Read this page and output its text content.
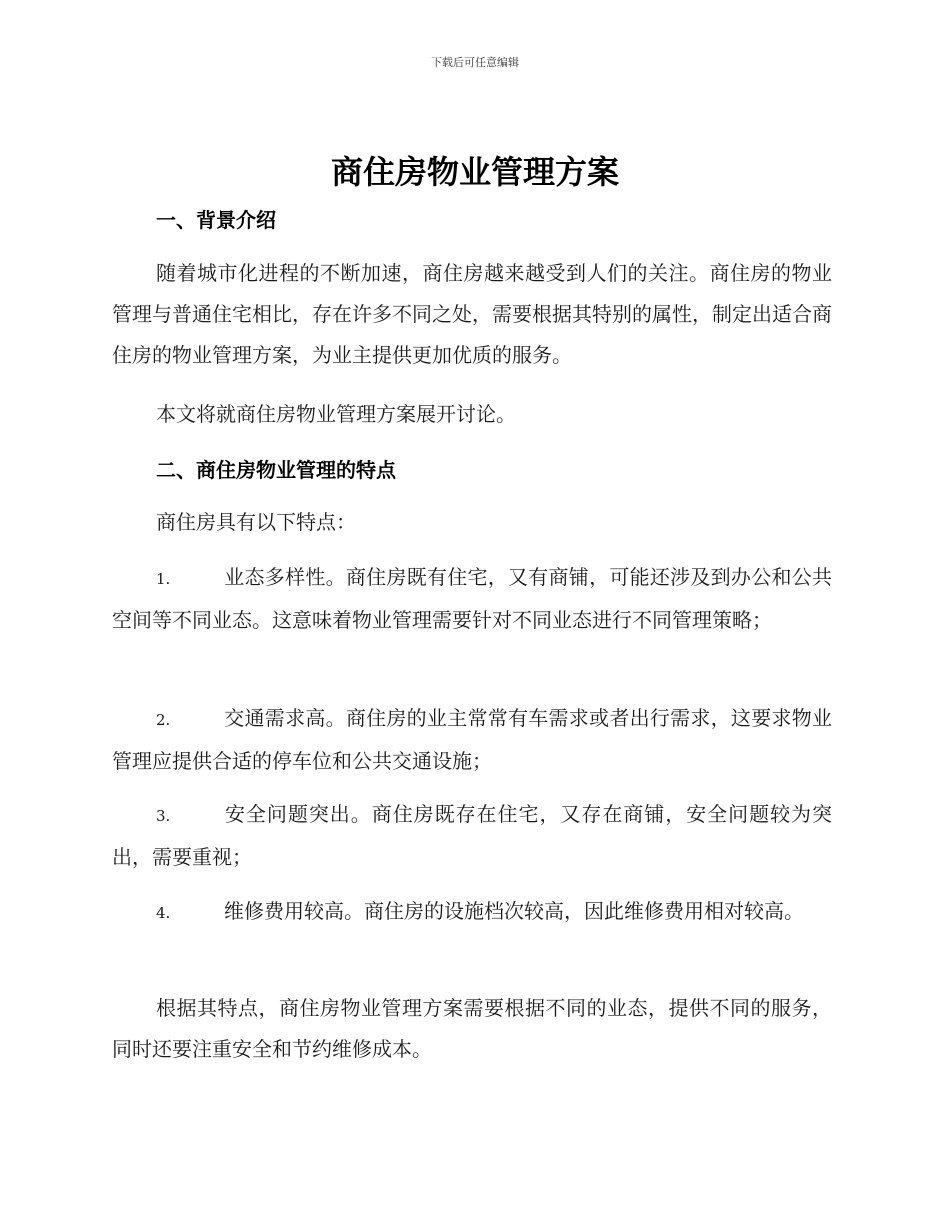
下载后可任意编辑
商住房物业管理方案
一、背景介绍

随着城市化进程的不断加速，商住房越来越受到人们的关注。商住房的物业管理与普通住宅相比，存在许多不同之处，需要根据其特别的属性，制定出适合商住房的物业管理方案，为业主提供更加优质的服务。

本文将就商住房物业管理方案展开讨论。

二、商住房物业管理的特点

商住房具有以下特点：

1.	业态多样性。商住房既有住宅，又有商铺，可能还涉及到办公和公共空间等不同业态。这意味着物业管理需要针对不同业态进行不同管理策略；

2.	交通需求高。商住房的业主常常有车需求或者出行需求，这要求物业管理应提供合适的停车位和公共交通设施；

3.	安全问题突出。商住房既存在住宅，又存在商铺，安全问题较为突出，需要重视；

4.	维修费用较高。商住房的设施档次较高，因此维修费用相对较高。

根据其特点，商住房物业管理方案需要根据不同的业态，提供不同的服务，同时还要注重安全和节约维修成本。
